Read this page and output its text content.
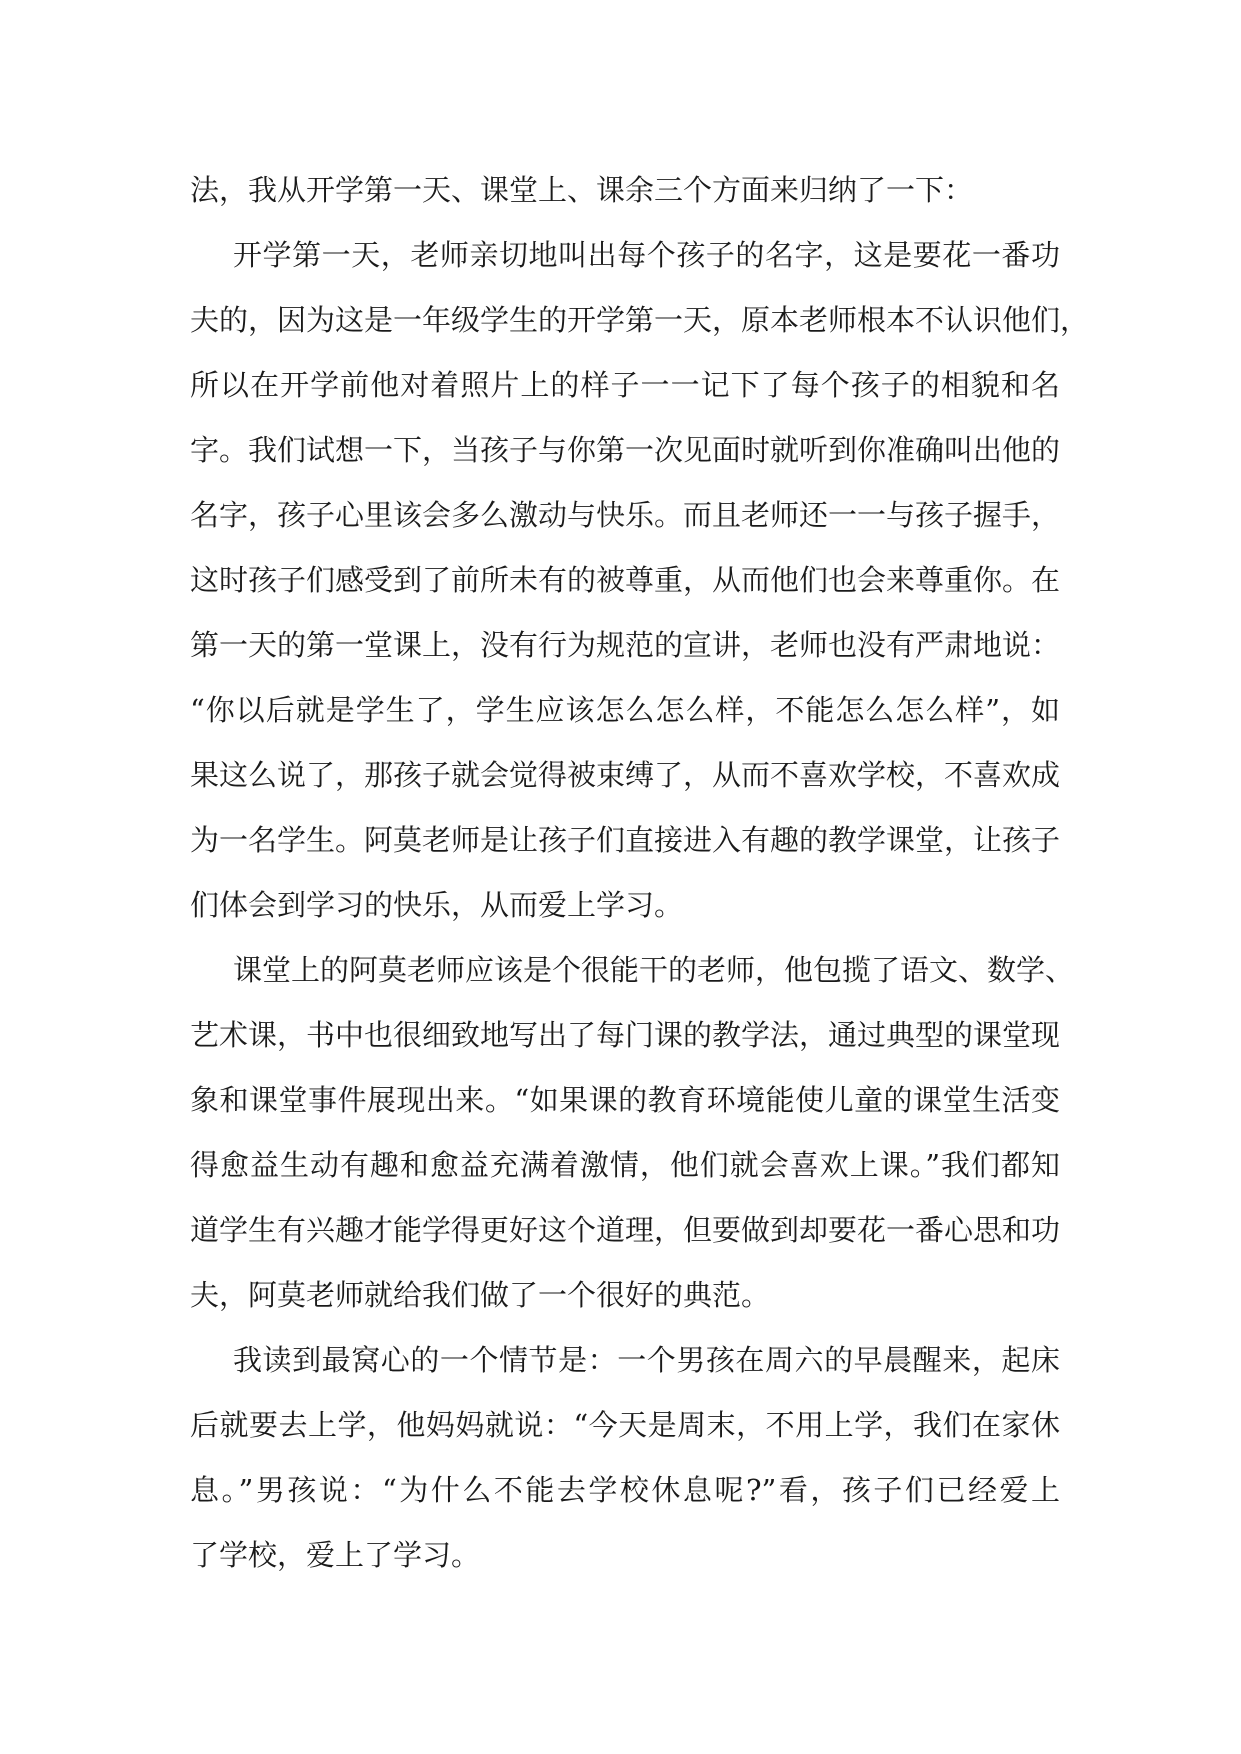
法，我从开学第一天、课堂上、课余三个方面来归纳了一下：
开学第一天，老师亲切地叫出每个孩子的名字，这是要花一番功
夫的，因为这是一年级学生的开学第一天，原本老师根本不认识他们，
所以在开学前他对着照片上的样子一一记下了每个孩子的相貌和名
字。我们试想一下，当孩子与你第一次见面时就听到你准确叫出他的
名字，孩子心里该会多么激动与快乐。而且老师还一一与孩子握手，
这时孩子们感受到了前所未有的被尊重，从而他们也会来尊重你。在
第一天的第一堂课上，没有行为规范的宣讲，老师也没有严肃地说：
“你以后就是学生了，学生应该怎么怎么样，不能怎么怎么样”，如
果这么说了，那孩子就会觉得被束缚了，从而不喜欢学校，不喜欢成
为一名学生。阿莫老师是让孩子们直接进入有趣的教学课堂，让孩子
们体会到学习的快乐，从而爱上学习。
课堂上的阿莫老师应该是个很能干的老师，他包揽了语文、数学、
艺术课，书中也很细致地写出了每门课的教学法，通过典型的课堂现
象和课堂事件展现出来。“如果课的教育环境能使儿童的课堂生活变
得愈益生动有趣和愈益充满着激情，他们就会喜欢上课。”我们都知
道学生有兴趣才能学得更好这个道理，但要做到却要花一番心思和功
夫，阿莫老师就给我们做了一个很好的典范。
我读到最窝心的一个情节是：一个男孩在周六的早晨醒来，起床
后就要去上学，他妈妈就说：“今天是周末，不用上学，我们在家休
息。”男孩说：“为什么不能去学校休息呢?”看，孩子们已经爱上
了学校，爱上了学习。
